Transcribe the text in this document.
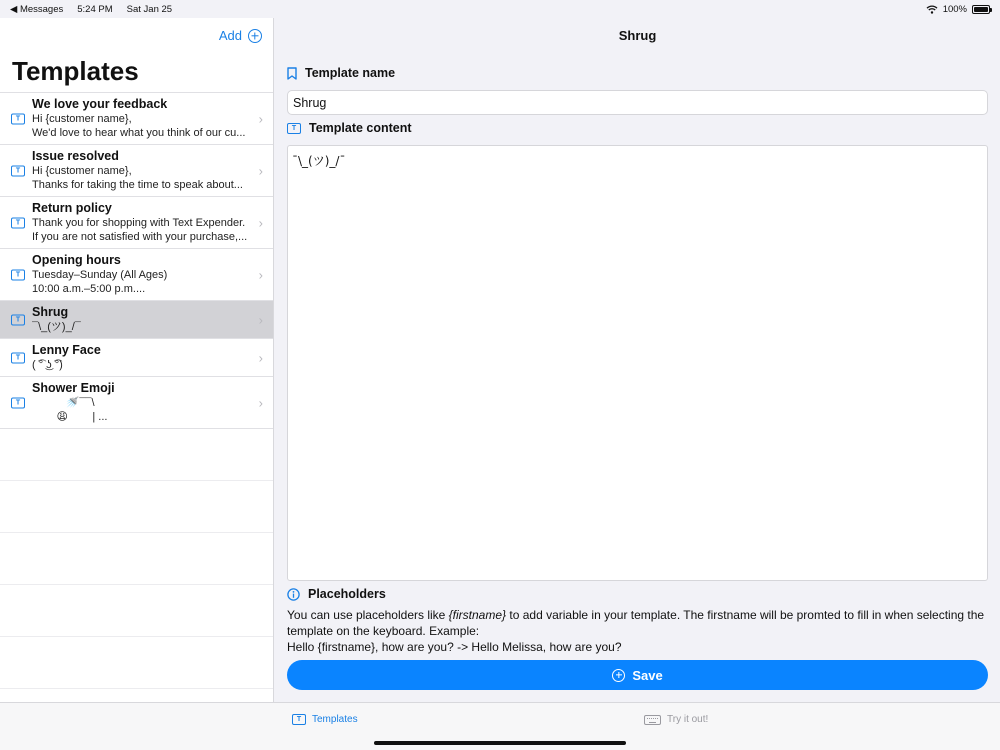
◀ Messages 5:24 PM Sat Jan 25	100%
Add
Templates
T
We love your feedback
Hi {customer name},
We'd love to hear what you think of our cu...
›
T
Issue resolved
Hi {customer name},
Thanks for taking the time to speak about...
›
T
Return policy
Thank you for shopping with Text Expender.
If you are not satisfied with your purchase,...
›
T
Opening hours
Tuesday–Sunday (All Ages)
10:00 a.m.–5:00 p.m....
›
T
Shrug
¯\_(ツ)_/¯	›
T
Lenny Face
( ͡° ͜ʖ ͡°)	›
T
Shower Emoji
🚿¯¯\
😩        | ...
›
Shrug
Template name
Shrug
T	Template content
¯\_(ツ)_/¯
Placeholders
You can use placeholders like {firstname} to add variable in your template. The firstname will be promted to fill in when selecting the template on the keyboard. Example:
Hello {firstname}, how are you? -> Hello Melissa, how are you?
Save
T	Templates	Try it out!
